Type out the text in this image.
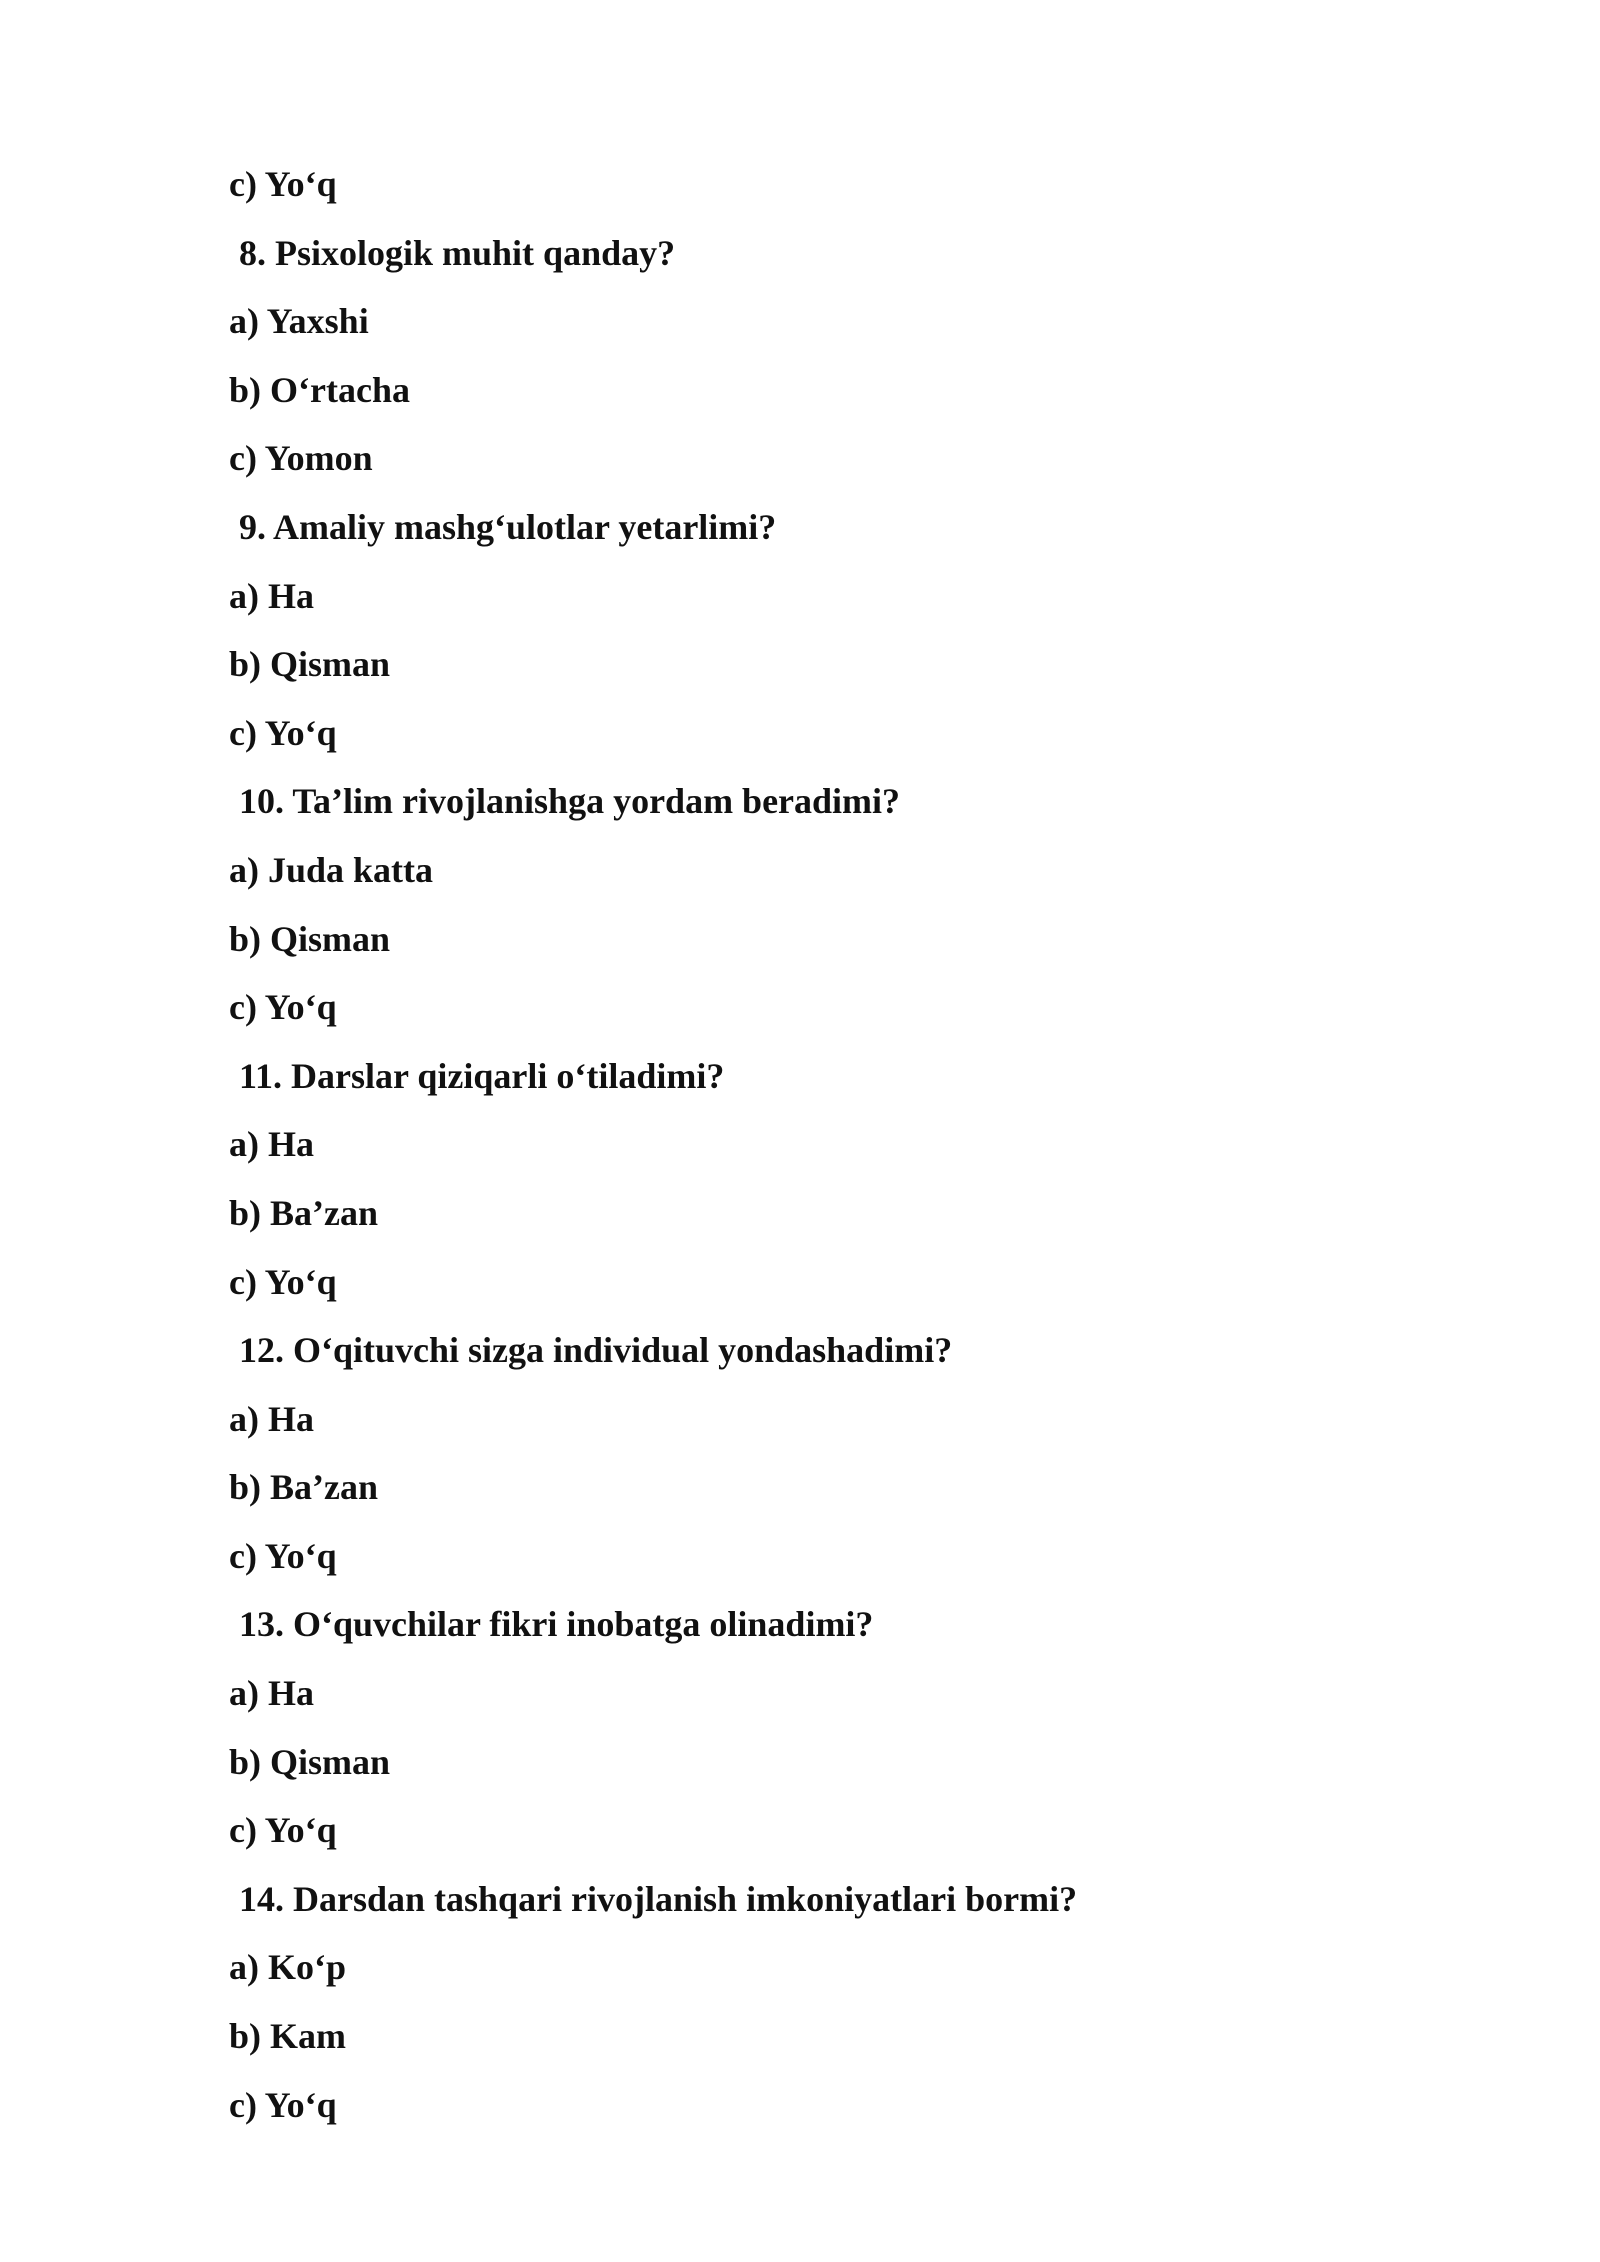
c) Yo‘q
8. Psixologik muhit qanday?
a) Yaxshi
b) O‘rtacha
c) Yomon
9. Amaliy mashg‘ulotlar yetarlimi?
a) Ha
b) Qisman
c) Yo‘q
10. Ta’lim rivojlanishga yordam beradimi?
a) Juda katta
b) Qisman
c) Yo‘q
11. Darslar qiziqarli o‘tiladimi?
a) Ha
b) Ba’zan
c) Yo‘q
12. O‘qituvchi sizga individual yondashadimi?
a) Ha
b) Ba’zan
c) Yo‘q
13. O‘quvchilar fikri inobatga olinadimi?
a) Ha
b) Qisman
c) Yo‘q
14. Darsdan tashqari rivojlanish imkoniyatlari bormi?
a) Ko‘p
b) Kam
c) Yo‘q
